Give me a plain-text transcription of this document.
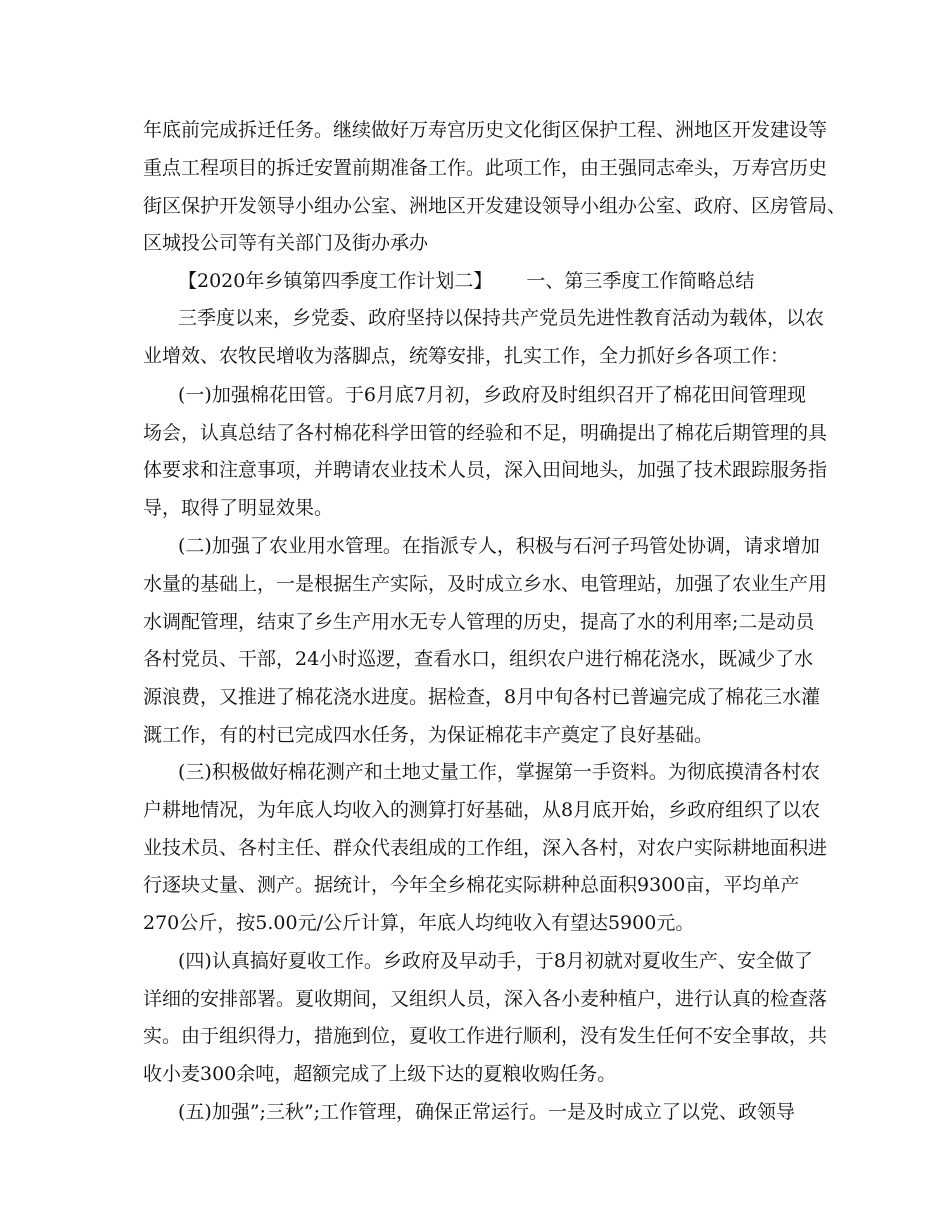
年底前完成拆迁任务。继续做好万寿宫历史文化街区保护工程、洲地区开发建设等
重点工程项目的拆迁安置前期准备工作。此项工作，由王强同志牵头，万寿宫历史
街区保护开发领导小组办公室、洲地区开发建设领导小组办公室、政府、区房管局、
区城投公司等有关部门及街办承办
【2020年乡镇第四季度工作计划二】 一、第三季度工作简略总结
三季度以来，乡党委、政府坚持以保持共产党员先进性教育活动为载体，以农
业增效、农牧民增收为落脚点，统筹安排，扎实工作，全力抓好乡各项工作：
(一)加强棉花田管。于6月底7月初，乡政府及时组织召开了棉花田间管理现
场会，认真总结了各村棉花科学田管的经验和不足，明确提出了棉花后期管理的具
体要求和注意事项，并聘请农业技术人员，深入田间地头，加强了技术跟踪服务指
导，取得了明显效果。
(二)加强了农业用水管理。在指派专人，积极与石河子玛管处协调，请求增加
水量的基础上，一是根据生产实际，及时成立乡水、电管理站，加强了农业生产用
水调配管理，结束了乡生产用水无专人管理的历史，提高了水的利用率;二是动员
各村党员、干部，24小时巡逻，查看水口，组织农户进行棉花浇水，既减少了水
源浪费，又推进了棉花浇水进度。据检查，8月中旬各村已普遍完成了棉花三水灌
溉工作，有的村已完成四水任务，为保证棉花丰产奠定了良好基础。
(三)积极做好棉花测产和土地丈量工作，掌握第一手资料。为彻底摸清各村农
户耕地情况，为年底人均收入的测算打好基础，从8月底开始，乡政府组织了以农
业技术员、各村主任、群众代表组成的工作组，深入各村，对农户实际耕地面积进
行逐块丈量、测产。据统计，今年全乡棉花实际耕种总面积9300亩，平均单产
270公斤，按5.00元/公斤计算，年底人均纯收入有望达5900元。
(四)认真搞好夏收工作。乡政府及早动手，于8月初就对夏收生产、安全做了
详细的安排部署。夏收期间，又组织人员，深入各小麦种植户，进行认真的检查落
实。由于组织得力，措施到位，夏收工作进行顺利，没有发生任何不安全事故，共
收小麦300余吨，超额完成了上级下达的夏粮收购任务。
(五)加强”;三秋”;工作管理，确保正常运行。一是及时成立了以党、政领导
